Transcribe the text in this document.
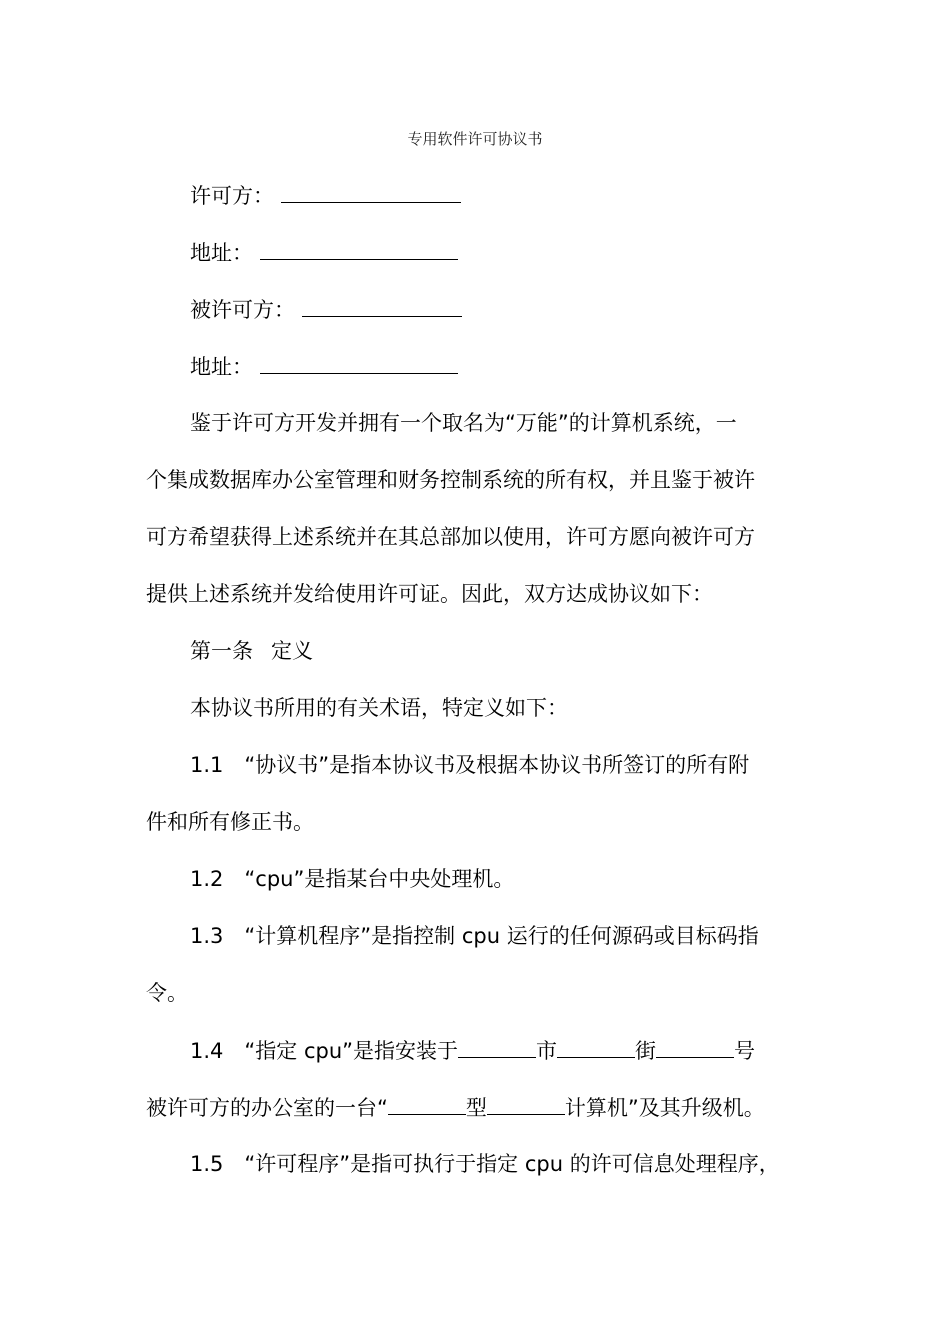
专用软件许可协议书
许可方：
地址：
被许可方：
地址：
鉴于许可方开发并拥有一个取名为“万能”的计算机系统，一
个集成数据库办公室管理和财务控制系统的所有权，并且鉴于被许
可方希望获得上述系统并在其总部加以使用，许可方愿向被许可方
提供上述系统并发给使用许可证。因此，双方达成协议如下：
第一条 定义
本协议书所用的有关术语，特定义如下：
1.1　“协议书”是指本协议书及根据本协议书所签订的所有附
件和所有修正书。
1.2　“cpu”是指某台中央处理机。
1.3　“计算机程序”是指控制 cpu 运行的任何源码或目标码指
令。
1.4　“指定 cpu”是指安装于	市	街	号
被许可方的办公室的一台“	型	计算机”及其升级机。
1.5　“许可程序”是指可执行于指定 cpu 的许可信息处理程序，
